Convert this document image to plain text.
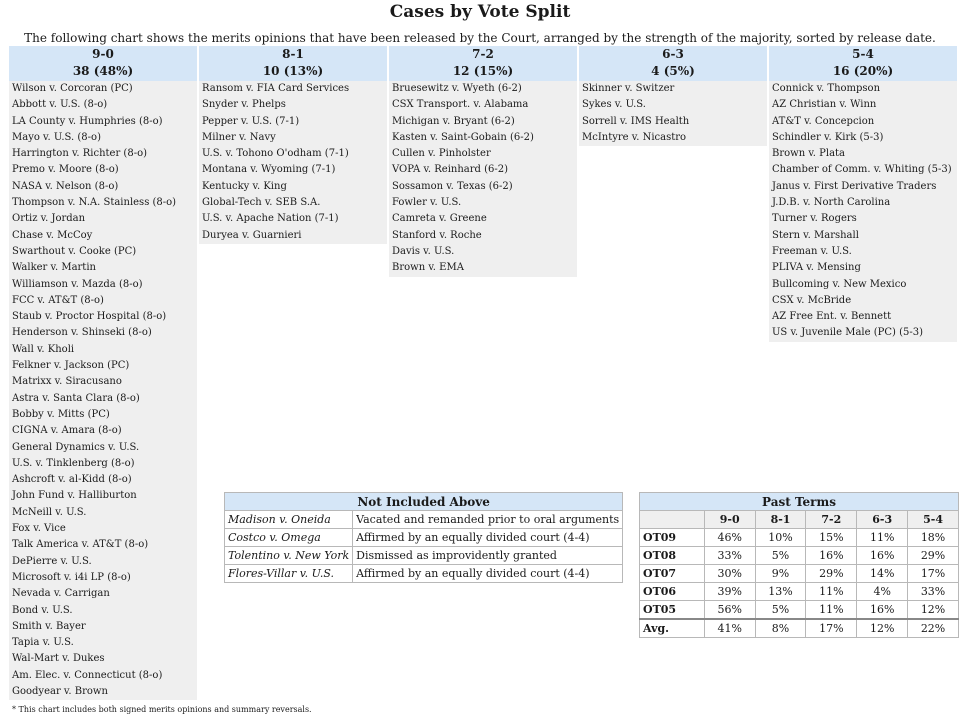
Cases by Vote Split
The following chart shows the merits opinions that have been released by the Court, arranged by the strength of the majority, sorted by release date.
9-0
38 (48%)
Wilson v. Corcoran (PC)
Abbott v. U.S. (8-o)
LA County v. Humphries (8-o)
Mayo v. U.S. (8-o)
Harrington v. Richter (8-o)
Premo v. Moore (8-o)
NASA v. Nelson (8-o)
Thompson v. N.A. Stainless (8-o)
Ortiz v. Jordan
Chase v. McCoy
Swarthout v. Cooke (PC)
Walker v. Martin
Williamson v. Mazda (8-o)
FCC v. AT&T (8-o)
Staub v. Proctor Hospital (8-o)
Henderson v. Shinseki (8-o)
Wall v. Kholi
Felkner v. Jackson (PC)
Matrixx v. Siracusano
Astra v. Santa Clara (8-o)
Bobby v. Mitts (PC)
CIGNA v. Amara (8-o)
General Dynamics v. U.S.
U.S. v. Tinklenberg (8-o)
Ashcroft v. al-Kidd (8-o)
John Fund v. Halliburton
McNeill v. U.S.
Fox v. Vice
Talk America v. AT&T (8-o)
DePierre v. U.S.
Microsoft v. i4i LP (8-o)
Nevada v. Carrigan
Bond v. U.S.
Smith v. Bayer
Tapia v. U.S.
Wal-Mart v. Dukes
Am. Elec. v. Connecticut (8-o)
Goodyear v. Brown
8-1
10 (13%)
Ransom v. FIA Card Services
Snyder v. Phelps
Pepper v. U.S. (7-1)
Milner v. Navy
U.S. v. Tohono O'odham (7-1)
Montana v. Wyoming (7-1)
Kentucky v. King
Global-Tech v. SEB S.A.
U.S. v. Apache Nation (7-1)
Duryea v. Guarnieri
7-2
12 (15%)
Bruesewitz v. Wyeth (6-2)
CSX Transport. v. Alabama
Michigan v. Bryant (6-2)
Kasten v. Saint-Gobain (6-2)
Cullen v. Pinholster
VOPA v. Reinhard (6-2)
Sossamon v. Texas (6-2)
Fowler v. U.S.
Camreta v. Greene
Stanford v. Roche
Davis v. U.S.
Brown v. EMA
6-3
4 (5%)
Skinner v. Switzer
Sykes v. U.S.
Sorrell v. IMS Health
McIntyre v. Nicastro
5-4
16 (20%)
Connick v. Thompson
AZ Christian v. Winn
AT&T v. Concepcion
Schindler v. Kirk (5-3)
Brown v. Plata
Chamber of Comm. v. Whiting (5-3)
Janus v. First Derivative Traders
J.D.B. v. North Carolina
Turner v. Rogers
Stern v. Marshall
Freeman v. U.S.
PLIVA v. Mensing
Bullcoming v. New Mexico
CSX v. McBride
AZ Free Ent. v. Bennett
US v. Juvenile Male (PC) (5-3)
Not Included Above	
Madison v. Oneida	Vacated and remanded prior to oral arguments
Costco v. Omega	Affirmed by an equally divided court (4-4)
Tolentino v. New York	Dismissed as improvidently granted
Flores-Villar v. U.S.	Affirmed by an equally divided court (4-4)
Past Terms					
	9-0	8-1	7-2	6-3	5-4
OT09	46%	10%	15%	11%	18%
OT08	33%	5%	16%	16%	29%
OT07	30%	9%	29%	14%	17%
OT06	39%	13%	11%	4%	33%
OT05	56%	5%	11%	16%	12%
Avg.	41%	8%	17%	12%	22%
* This chart includes both signed merits opinions and summary reversals.
